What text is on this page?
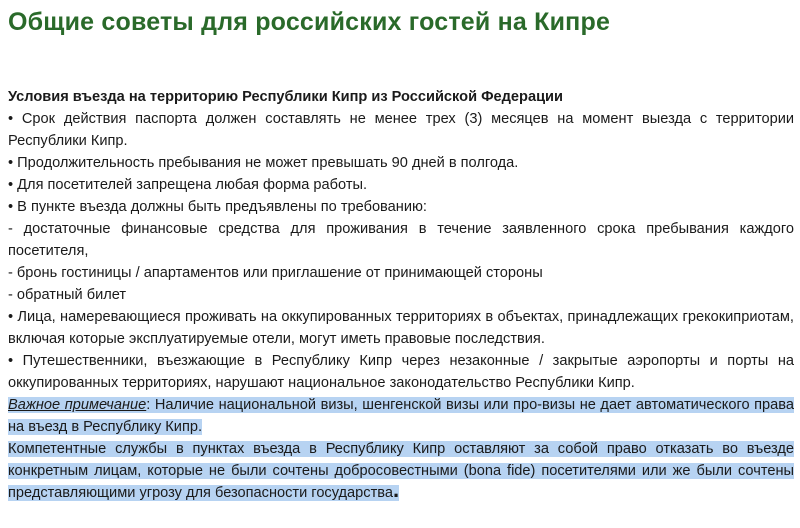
Общие советы для российских гостей на Кипре

Условия въезда на территорию Республики Кипр из Российской Федерации

• Срок действия паспорта должен составлять не менее трех (3) месяцев на момент выезда с территории Республики Кипр.

• Продолжительность пребывания не может превышать 90 дней в полгода.

• Для посетителей запрещена любая форма работы.

• В пункте въезда должны быть предъявлены по требованию:

- достаточные финансовые средства для проживания в течение заявленного срока пребывания каждого посетителя,

- бронь гостиницы / апартаментов или приглашение от принимающей стороны

- обратный билет

• Лица, намеревающиеся проживать на оккупированных территориях в объектах, принадлежащих грекокиприотам, включая которые эксплуатируемые отели, могут иметь правовые последствия.

• Путешественники, въезжающие в Республику Кипр через незаконные / закрытые аэропорты и порты на оккупированных территориях, нарушают национальное законодательство Республики Кипр.

Важное примечание: Наличие национальной визы, шенгенской визы или про-визы не дает автоматического права на въезд в Республику Кипр.

Компетентные службы в пунктах въезда в Республику Кипр оставляют за собой право отказать во въезде конкретным лицам, которые не были сочтены добросовестными (bona fide) посетителями или же были сочтены представляющими угрозу для безопасности государства.
